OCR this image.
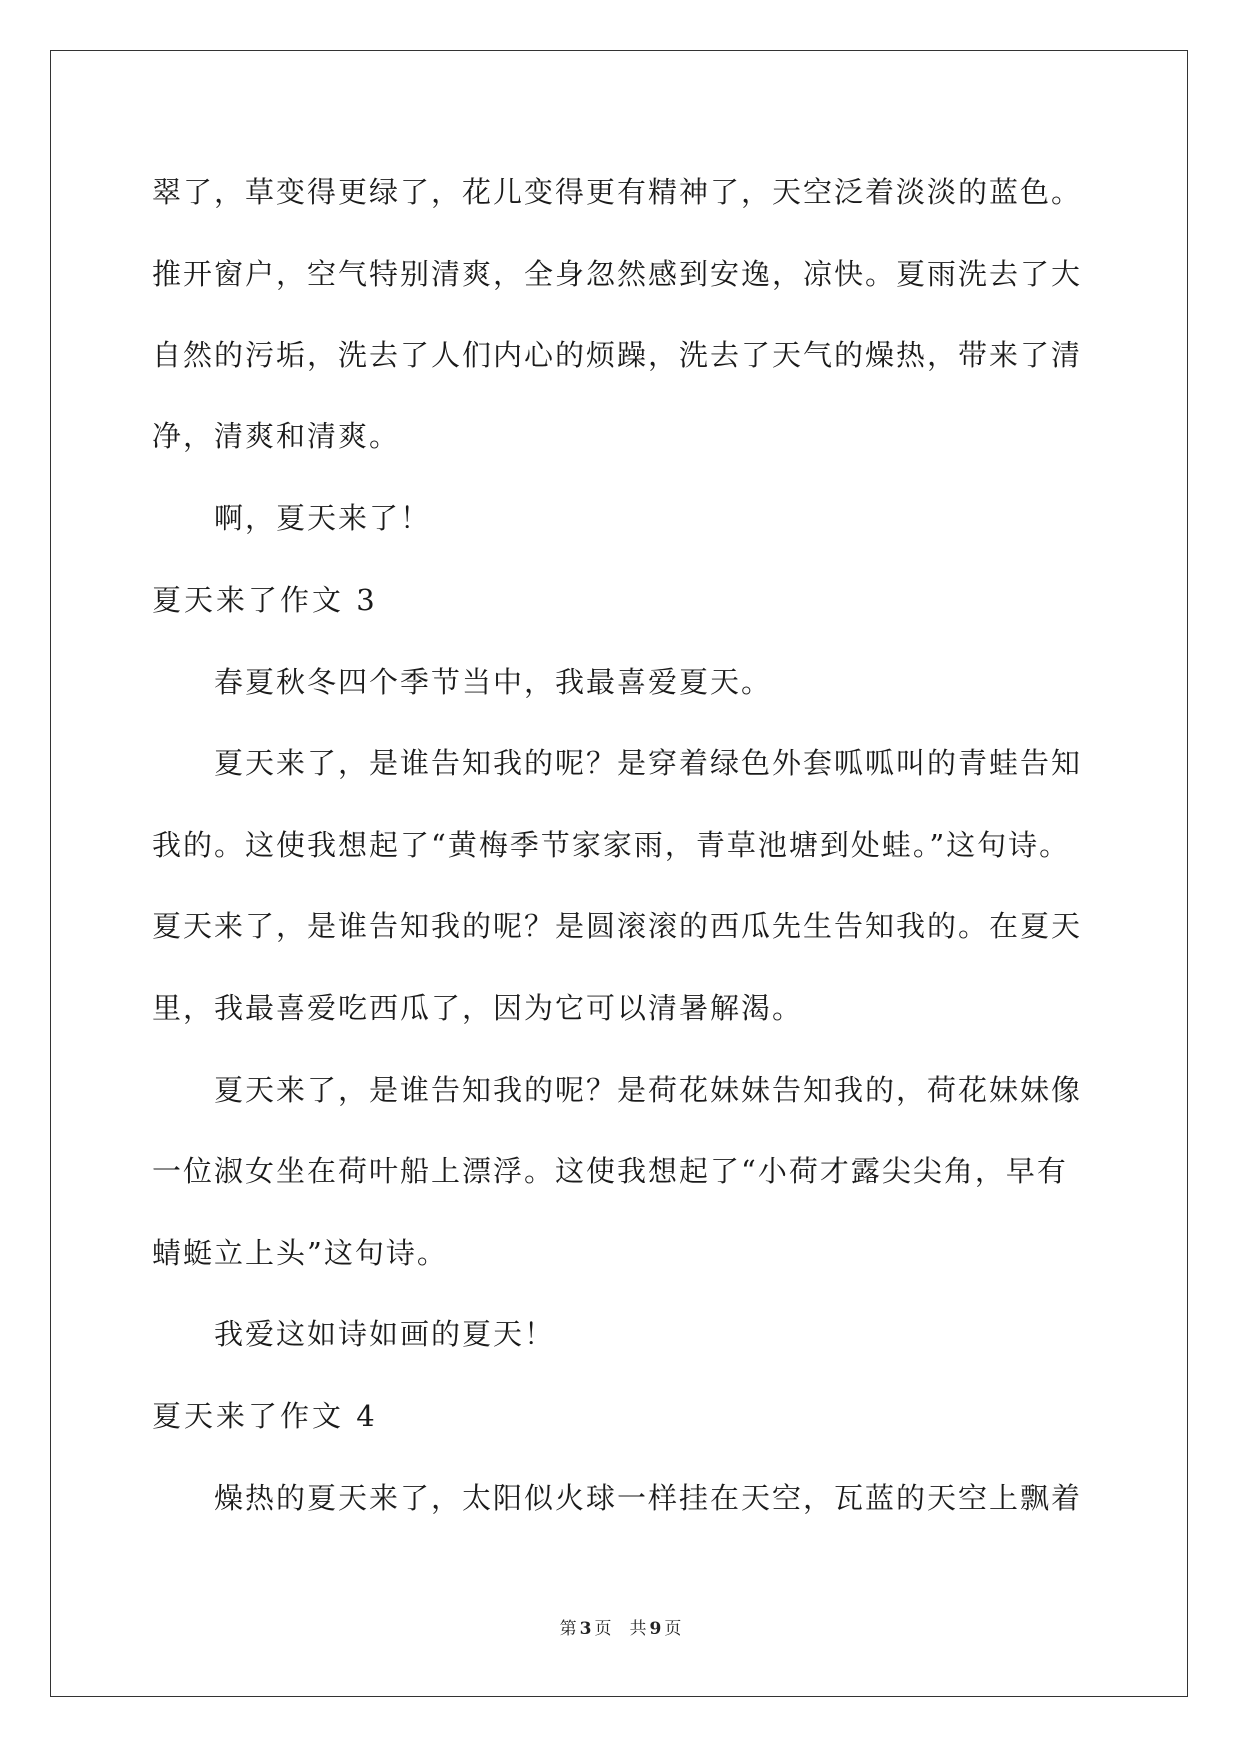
翠了，草变得更绿了，花儿变得更有精神了，天空泛着淡淡的蓝色。

推开窗户，空气特别清爽，全身忽然感到安逸，凉快。夏雨洗去了大

自然的污垢，洗去了人们内心的烦躁，洗去了天气的燥热，带来了清

净，清爽和清爽。

啊，夏天来了！

夏天来了作文 3

春夏秋冬四个季节当中，我最喜爱夏天。

夏天来了，是谁告知我的呢？是穿着绿色外套呱呱叫的青蛙告知

我的。这使我想起了“黄梅季节家家雨，青草池塘到处蛙。”这句诗。

夏天来了，是谁告知我的呢？是圆滚滚的西瓜先生告知我的。在夏天

里，我最喜爱吃西瓜了，因为它可以清暑解渴。

夏天来了，是谁告知我的呢？是荷花妹妹告知我的，荷花妹妹像

一位淑女坐在荷叶船上漂浮。这使我想起了“小荷才露尖尖角，早有

蜻蜓立上头”这句诗。

我爱这如诗如画的夏天！

夏天来了作文 4

燥热的夏天来了，太阳似火球一样挂在天空，瓦蓝的天空上飘着

第 3 页 共 9 页
